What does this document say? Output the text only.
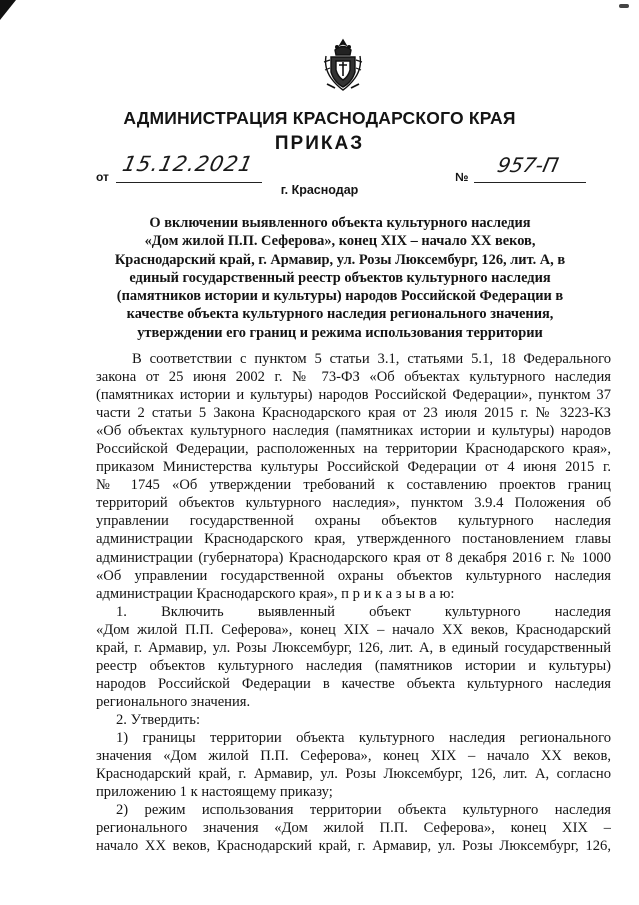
АДМИНИСТРАЦИЯ КРАСНОДАРСКОГО КРАЯ
ПРИКАЗ
от
15.12.2021
№	957-П
г. Краснодар
О включении выявленного объекта культурного наследия
«Дом жилой П.П. Сеферова», конец XIX – начало XX веков,
Краснодарский край, г. Армавир, ул. Розы Люксембург, 126, лит. А, в
единый государственный реестр объектов культурного наследия
(памятников истории и культуры) народов Российской Федерации в
качестве объекта культурного наследия регионального значения,
утверждении его границ и режима использования территории
В соответствии с пунктом 5 статьи 3.1, статьями 5.1, 18 Федерального
закона от 25 июня 2002 г. № 73-ФЗ «Об объектах культурного наследия
(памятниках истории и культуры) народов Российской Федерации», пунктом 37
части 2 статьи 5 Закона Краснодарского края от 23 июля 2015 г. № 3223-КЗ
«Об объектах культурного наследия (памятниках истории и культуры) народов
Российской Федерации, расположенных на территории Краснодарского края»,
приказом Министерства культуры Российской Федерации от 4 июня 2015 г.
№ 1745 «Об утверждении требований к составлению проектов границ
территорий объектов культурного наследия», пунктом 3.9.4 Положения об
управлении государственной охраны объектов культурного наследия
администрации Краснодарского края, утвержденного постановлением главы
администрации (губернатора) Краснодарского края от 8 декабря 2016 г. № 1000
«Об управлении государственной охраны объектов культурного наследия
администрации Краснодарского края», п р и к а з ы в а ю:
1. Включить выявленный объект культурного наследия
«Дом жилой П.П. Сеферова», конец XIX – начало XX веков, Краснодарский
край, г. Армавир, ул. Розы Люксембург, 126, лит. А, в единый государственный
реестр объектов культурного наследия (памятников истории и культуры)
народов Российской Федерации в качестве объекта культурного наследия
регионального значения.
2. Утвердить:
1) границы территории объекта культурного наследия регионального
значения «Дом жилой П.П. Сеферова», конец XIX – начало XX веков,
Краснодарский край, г. Армавир, ул. Розы Люксембург, 126, лит. А, согласно
приложению 1 к настоящему приказу;
2) режим использования территории объекта культурного наследия
регионального значения «Дом жилой П.П. Сеферова», конец XIX –
начало XX веков, Краснодарский край, г. Армавир, ул. Розы Люксембург, 126,
